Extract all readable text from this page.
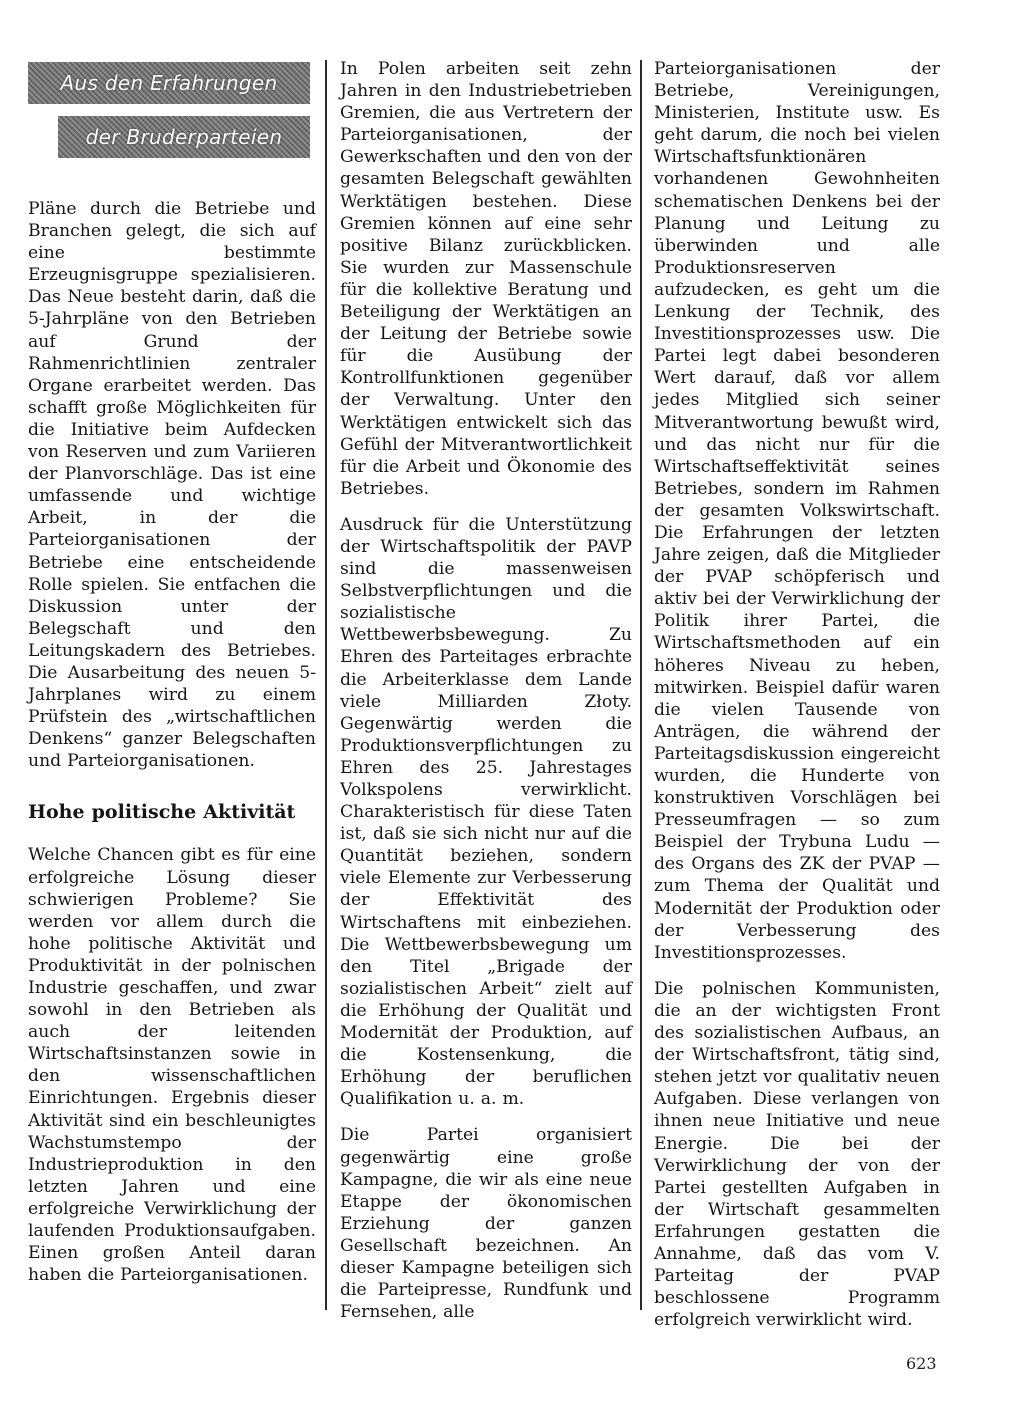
Aus den Erfahrungen
der Bruderparteien

Pläne durch die Betriebe und Branchen gelegt, die sich auf eine bestimmte Erzeugnisgruppe spezialisieren. Das Neue besteht darin, daß die 5-Jahrpläne von den Betrieben auf Grund der Rahmenrichtlinien zentraler Organe erarbeitet werden. Das schafft große Möglichkeiten für die Initiative beim Aufdecken von Reserven und zum Variieren der Planvorschläge. Das ist eine umfassende und wichtige Arbeit, in der die Parteiorganisationen der Betriebe eine entscheidende Rolle spielen. Sie entfachen die Diskussion unter der Belegschaft und den Leitungskadern des Betriebes. Die Ausarbeitung des neuen 5-Jahrplanes wird zu einem Prüfstein des „wirtschaftlichen Denkens“ ganzer Belegschaften und Parteiorganisationen.

Hohe politische Aktivität

Welche Chancen gibt es für eine erfolgreiche Lösung dieser schwierigen Probleme? Sie werden vor allem durch die hohe politische Aktivität und Produktivität in der polnischen Industrie geschaffen, und zwar sowohl in den Betrieben als auch der leitenden Wirtschaftsinstanzen sowie in den wissenschaftlichen Einrichtungen. Ergebnis dieser Aktivität sind ein beschleunigtes Wachstumstempo der Industrieproduktion in den letzten Jahren und eine erfolgreiche Verwirklichung der laufenden Produktionsaufgaben. Einen großen Anteil daran haben die Parteiorganisationen.

In Polen arbeiten seit zehn Jahren in den Industriebetrieben Gremien, die aus Vertretern der Parteiorganisationen, der Gewerkschaften und den von der gesamten Belegschaft gewählten Werktätigen bestehen. Diese Gremien können auf eine sehr positive Bilanz zurückblicken. Sie wurden zur Massenschule für die kollektive Beratung und Beteiligung der Werktätigen an der Leitung der Betriebe sowie für die Ausübung der Kontrollfunktionen gegenüber der Verwaltung. Unter den Werktätigen entwickelt sich das Gefühl der Mitverantwortlichkeit für die Arbeit und Ökonomie des Betriebes.

Ausdruck für die Unterstützung der Wirtschaftspolitik der PAVP sind die massenweisen Selbstverpflichtungen und die sozialistische Wettbewerbsbewegung. Zu Ehren des Parteitages erbrachte die Arbeiterklasse dem Lande viele Milliarden Złoty. Gegenwärtig werden die Produktionsverpflichtungen zu Ehren des 25. Jahrestages Volkspolens verwirklicht. Charakteristisch für diese Taten ist, daß sie sich nicht nur auf die Quantität beziehen, sondern viele Elemente zur Verbesserung der Effektivität des Wirtschaftens mit einbeziehen. Die Wettbewerbsbewegung um den Titel „Brigade der sozialistischen Arbeit“ zielt auf die Erhöhung der Qualität und Modernität der Produktion, auf die Kostensenkung, die Erhöhung der beruflichen Qualifikation u. a. m.

Die Partei organisiert gegenwärtig eine große Kampagne, die wir als eine neue Etappe der ökonomischen Erziehung der ganzen Gesellschaft bezeichnen. An dieser Kampagne beteiligen sich die Parteipresse, Rundfunk und Fernsehen, alle

Parteiorganisationen der Betriebe, Vereinigungen, Ministerien, Institute usw. Es geht darum, die noch bei vielen Wirtschaftsfunktionären vorhandenen Gewohnheiten schematischen Denkens bei der Planung und Leitung zu überwinden und alle Produktionsreserven aufzudecken, es geht um die Lenkung der Technik, des Investitionsprozesses usw. Die Partei legt dabei besonderen Wert darauf, daß vor allem jedes Mitglied sich seiner Mitverantwortung bewußt wird, und das nicht nur für die Wirtschaftseffektivität seines Betriebes, sondern im Rahmen der gesamten Volkswirtschaft. Die Erfahrungen der letzten Jahre zeigen, daß die Mitglieder der PVAP schöpferisch und aktiv bei der Verwirklichung der Politik ihrer Partei, die Wirtschaftsmethoden auf ein höheres Niveau zu heben, mitwirken. Beispiel dafür waren die vielen Tausende von Anträgen, die während der Parteitagsdiskussion eingereicht wurden, die Hunderte von konstruktiven Vorschlägen bei Presseumfragen — so zum Beispiel der Trybuna Ludu — des Organs des ZK der PVAP — zum Thema der Qualität und Modernität der Produktion oder der Verbesserung des Investitionsprozesses.

Die polnischen Kommunisten, die an der wichtigsten Front des sozialistischen Aufbaus, an der Wirtschaftsfront, tätig sind, stehen jetzt vor qualitativ neuen Aufgaben. Diese verlangen von ihnen neue Initiative und neue Energie. Die bei der Verwirklichung der von der Partei gestellten Aufgaben in der Wirtschaft gesammelten Erfahrungen gestatten die Annahme, daß das vom V. Parteitag der PVAP beschlossene Programm erfolgreich verwirklicht wird.

623
